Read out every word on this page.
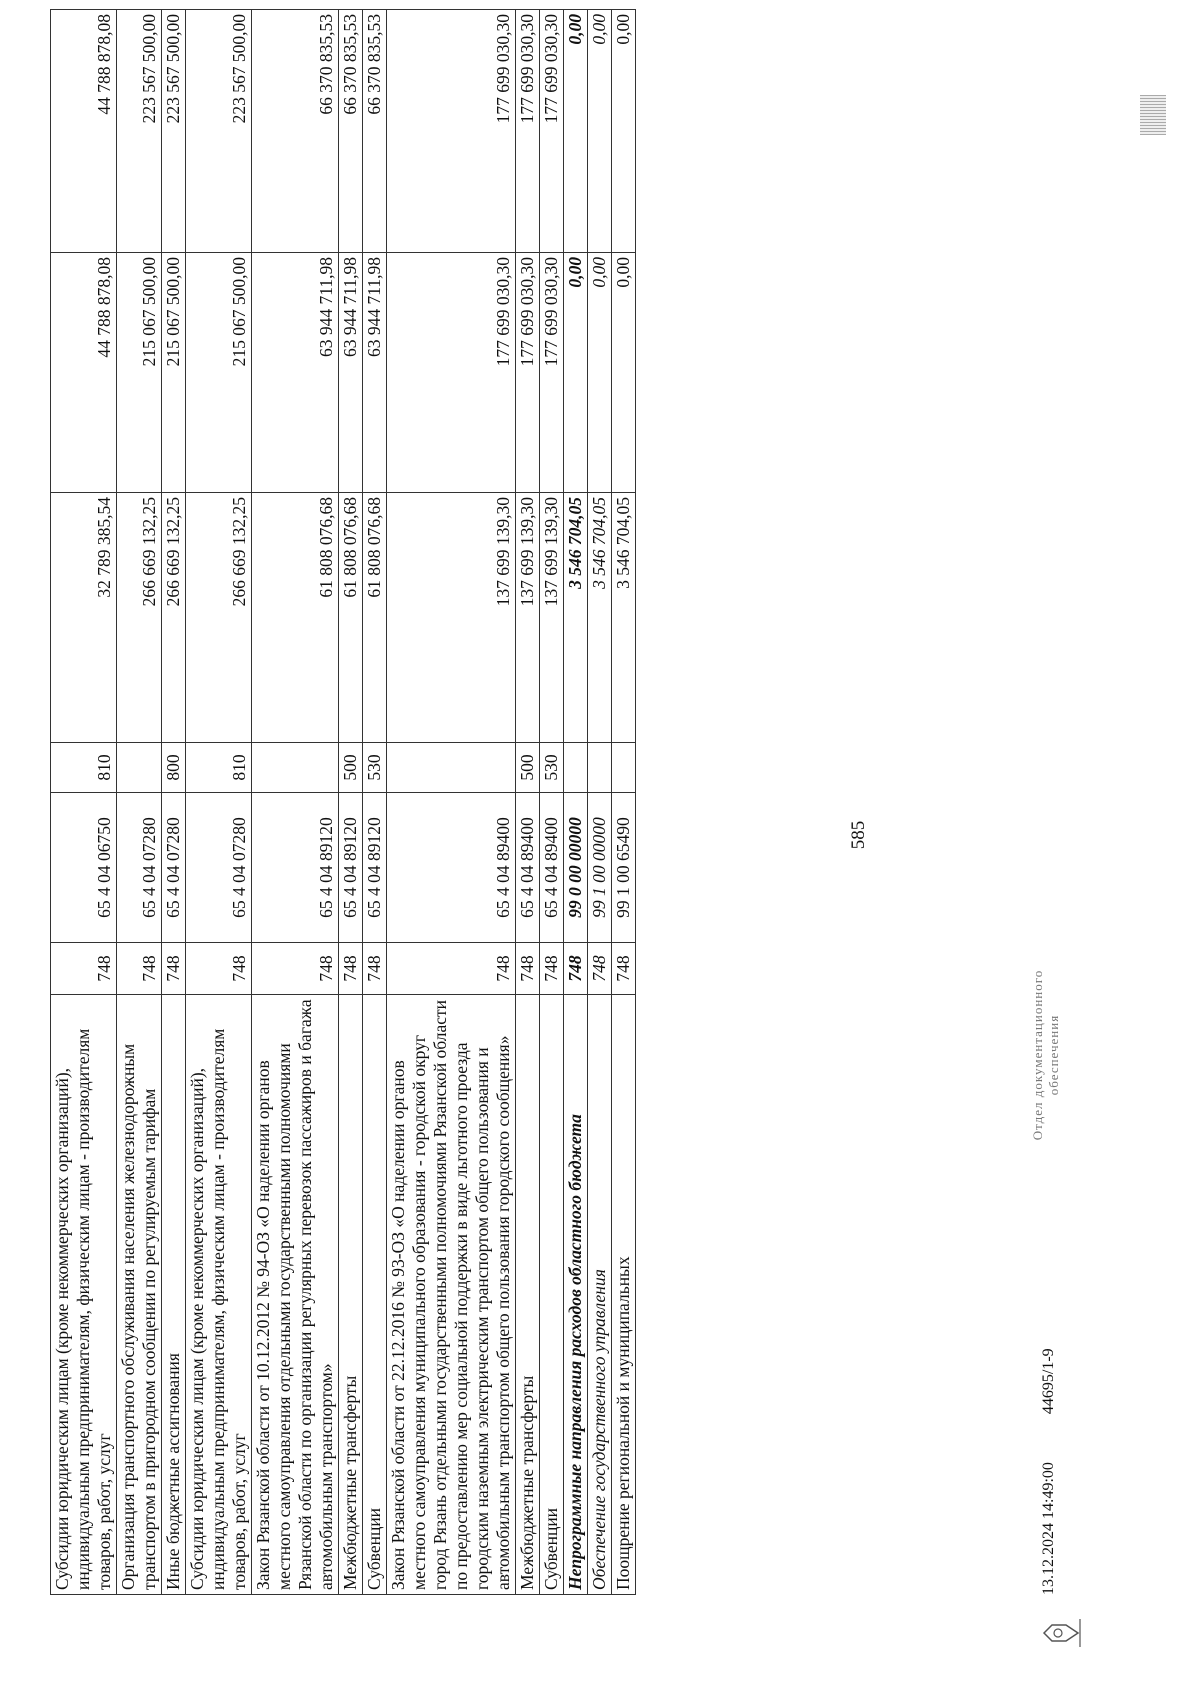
585
Субсидии юридическим лицам (кроме некоммерческих организаций), индивидуальным предпринимателям, физическим лицам - производителям товаров, работ, услуг	748	65 4 04 06750	810	32 789 385,54	44 788 878,08	44 788 878,08
Организация транспортного обслуживания населения железнодорожным транспортом в пригородном сообщении по регулируемым тарифам	748	65 4 04 07280		266 669 132,25	215 067 500,00	223 567 500,00
Иные бюджетные ассигнования	748	65 4 04 07280	800	266 669 132,25	215 067 500,00	223 567 500,00
Субсидии юридическим лицам (кроме некоммерческих организаций), индивидуальным предпринимателям, физическим лицам - производителям товаров, работ, услуг	748	65 4 04 07280	810	266 669 132,25	215 067 500,00	223 567 500,00
Закон Рязанской области от 10.12.2012 № 94-ОЗ «О наделении органов местного самоуправления отдельными государственными полномочиями Рязанской области по организации регулярных перевозок пассажиров и багажа автомобильным транспортом»	748	65 4 04 89120		61 808 076,68	63 944 711,98	66 370 835,53
Межбюджетные трансферты	748	65 4 04 89120	500	61 808 076,68	63 944 711,98	66 370 835,53
Субвенции	748	65 4 04 89120	530	61 808 076,68	63 944 711,98	66 370 835,53
Закон Рязанской области от 22.12.2016 № 93-ОЗ «О наделении органов местного самоуправления муниципального образования - городской округ город Рязань отдельными государственными полномочиями Рязанской области по предоставлению мер социальной поддержки в виде льготного проезда городским наземным электрическим транспортом общего пользования и автомобильным транспортом общего пользования городского сообщения»	748	65 4 04 89400		137 699 139,30	177 699 030,30	177 699 030,30
Межбюджетные трансферты	748	65 4 04 89400	500	137 699 139,30	177 699 030,30	177 699 030,30
Субвенции	748	65 4 04 89400	530	137 699 139,30	177 699 030,30	177 699 030,30
Непрограммные направления расходов областного бюджета	748	99 0 00 00000		3 546 704,05	0,00	0,00
Обеспечение государственного управления	748	99 1 00 00000		3 546 704,05	0,00	0,00
Поощрение региональной и муниципальных	748	99 1 00 65490		3 546 704,05	0,00	0,00
13.12.2024 14:49:00  44695/1-9
Отдел документационного обеспечения
